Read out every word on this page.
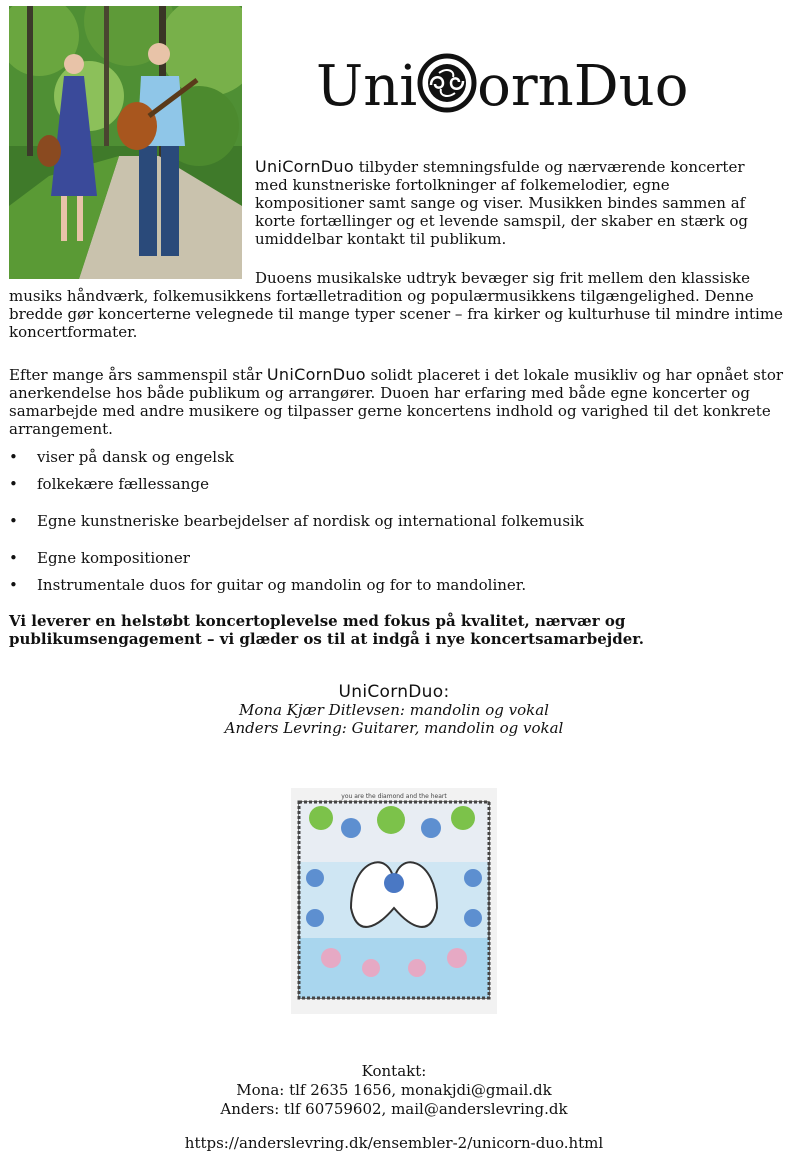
Uni ornDuo

UniCornDuo tilbyder stemningsfulde og nærværende koncerter med kunstneriske fortolkninger af folkemelodier, egne kompositioner samt sange og viser. Musikken bindes sammen af korte fortællinger og et levende samspil, der skaber en stærk og umiddelbar kontakt til publikum.

Duoens musikalske udtryk bevæger sig frit mellem den klassiske musiks håndværk, folkemusikkens fortælletradition og populærmusikkens tilgængelighed. Denne bredde gør koncerterne velegnede til mange typer scener – fra kirker og kulturhuse til mindre intime koncertformater.

Efter mange års sammenspil står UniCornDuo solidt placeret i det lokale musikliv og har opnået stor anerkendelse hos både publikum og arrangører. Duoen har erfaring med både egne koncerter og samarbejde med andre musikere og tilpasser gerne koncertens indhold og varighed til det konkrete arrangement.

•	viser på dansk og engelsk
•	folkekære fællessange
•	Egne kunstneriske bearbejdelser af nordisk og international folkemusik
•	Egne kompositioner
•	Instrumentale duos for guitar og mandolin og for to mandoliner.

Vi leverer en helstøbt koncertoplevelse med fokus på kvalitet, nærvær og publikumsengagement – vi glæder os til at indgå i nye koncertsamarbejder.

UniCornDuo:
Mona Kjær Ditlevsen: mandolin og vokal
Anders Levring: Guitarer, mandolin og vokal
you are the diamond and the heart
Kontakt:
Mona: tlf 2635 1656, monakjdi@gmail.dk
Anders: tlf 60759602, mail@anderslevring.dk
https://anderslevring.dk/ensembler-2/unicorn-duo.html
